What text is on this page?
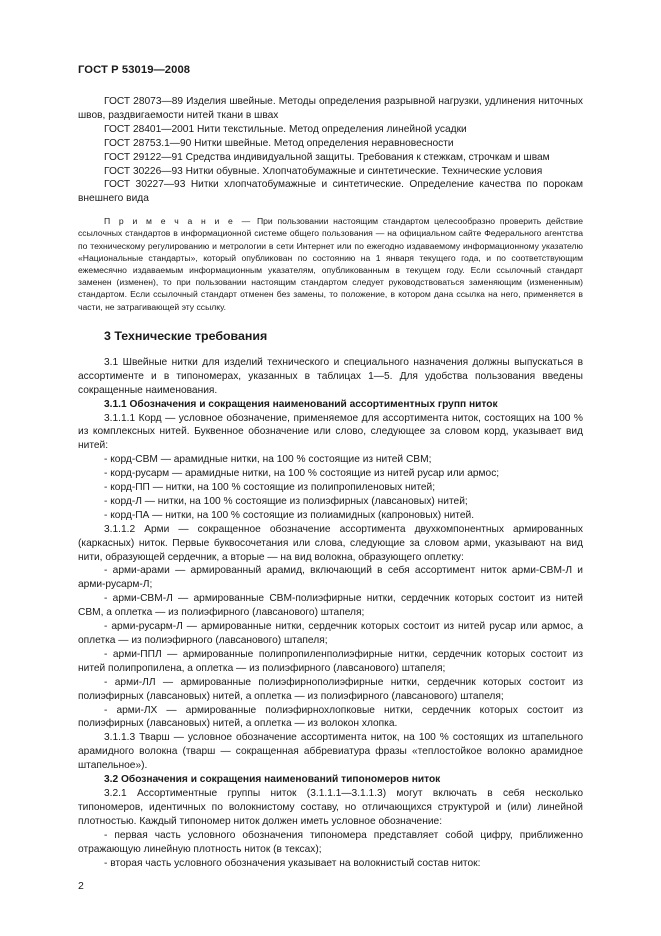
ГОСТ Р 53019—2008

ГОСТ 28073—89 Изделия швейные. Методы определения разрывной нагрузки, удлинения ниточных швов, раздвигаемости нитей ткани в швах

ГОСТ 28401—2001 Нити текстильные. Метод определения линейной усадки

ГОСТ 28753.1—90 Нитки швейные. Метод определения неравновесности

ГОСТ 29122—91 Средства индивидуальной защиты. Требования к стежкам, строчкам и швам

ГОСТ 30226—93 Нитки обувные. Хлопчатобумажные и синтетические. Технические условия

ГОСТ 30227—93 Нитки хлопчатобумажные и синтетические. Определение качества по порокам внешнего вида

П р и м е ч а н и е — При пользовании настоящим стандартом целесообразно проверить действие ссылочных стандартов в информационной системе общего пользования — на официальном сайте Федерального агентства по техническому регулированию и метрологии в сети Интернет или по ежегодно издаваемому информационному указателю «Национальные стандарты», который опубликован по состоянию на 1 января текущего года, и по соответствующим ежемесячно издаваемым информационным указателям, опубликованным в текущем году. Если ссылочный стандарт заменен (изменен), то при пользовании настоящим стандартом следует руководствоваться заменяющим (измененным) стандартом. Если ссылочный стандарт отменен без замены, то положение, в котором дана ссылка на него, применяется в части, не затрагивающей эту ссылку.

3 Технические требования

3.1 Швейные нитки для изделий технического и специального назначения должны выпускаться в ассортименте и в типономерах, указанных в таблицах 1—5. Для удобства пользования введены сокращенные наименования.

3.1.1 Обозначения и сокращения наименований ассортиментных групп ниток

3.1.1.1 Корд — условное обозначение, применяемое для ассортимента ниток, состоящих на 100 % из комплексных нитей. Буквенное обозначение или слово, следующее за словом корд, указывает вид нитей:

- корд-СВМ — арамидные нитки, на 100 % состоящие из нитей СВМ;

- корд-русарм — арамидные нитки, на 100 % состоящие из нитей русар или армос;

- корд-ПП — нитки, на 100 % состоящие из полипропиленовых нитей;

- корд-Л — нитки, на 100 % состоящие из полиэфирных (лавсановых) нитей;

- корд-ПА — нитки, на 100 % состоящие из полиамидных (капроновых) нитей.

3.1.1.2 Арми — сокращенное обозначение ассортимента двухкомпонентных армированных (каркасных) ниток. Первые буквосочетания или слова, следующие за словом арми, указывают на вид нити, образующей сердечник, а вторые — на вид волокна, образующего оплетку:

- арми-арами — армированный арамид, включающий в себя ассортимент ниток арми-СВМ-Л и арми-русарм-Л;

- арми-СВМ-Л — армированные СВМ-полиэфирные нитки, сердечник которых состоит из нитей СВМ, а оплетка — из полиэфирного (лавсанового) штапеля;

- арми-русарм-Л — армированные нитки, сердечник которых состоит из нитей русар или армос, а оплетка — из полиэфирного (лавсанового) штапеля;

- арми-ППЛ — армированные полипропиленполиэфирные нитки, сердечник которых состоит из нитей полипропилена, а оплетка — из полиэфирного (лавсанового) штапеля;

- арми-ЛЛ — армированные полиэфирнополиэфирные нитки, сердечник которых состоит из полиэфирных (лавсановых) нитей, а оплетка — из полиэфирного (лавсанового) штапеля;

- арми-ЛХ — армированные полиэфирнохлопковые нитки, сердечник которых состоит из полиэфирных (лавсановых) нитей, а оплетка — из волокон хлопка.

3.1.1.3 Тварш — условное обозначение ассортимента ниток, на 100 % состоящих из штапельного арамидного волокна (тварш — сокращенная аббревиатура фразы «теплостойкое волокно арамидное штапельное»).

3.2 Обозначения и сокращения наименований типономеров ниток

3.2.1 Ассортиментные группы ниток (3.1.1.1—3.1.1.3) могут включать в себя несколько типономеров, идентичных по волокнистому составу, но отличающихся структурой и (или) линейной плотностью. Каждый типономер ниток должен иметь условное обозначение:

- первая часть условного обозначения типономера представляет собой цифру, приближенно отражающую линейную плотность ниток (в тексах);

- вторая часть условного обозначения указывает на волокнистый состав ниток:

2
